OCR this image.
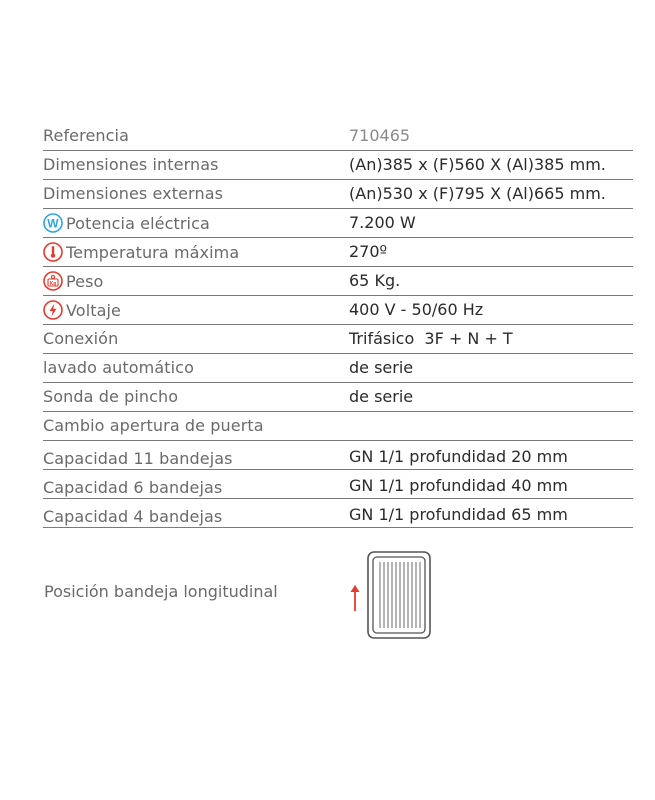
Referencia	710465
Dimensiones internas	(An)385 x (F)560 X (Al)385 mm.
Dimensiones externas	(An)530 x (F)795 X (Al)665 mm.
W Potencia eléctrica	7.200 W
Temperatura máxima	270º
Kg Peso	65 Kg.
Voltaje	400 V - 50/60 Hz
Conexión	Trifásico  3F + N + T
lavado automático	de serie
Sonda de pincho	de serie
Cambio apertura de puerta
Capacidad 11 bandejas	GN 1/1 profundidad 20 mm
Capacidad 6 bandejas	GN 1/1 profundidad 40 mm
Capacidad 4 bandejas	GN 1/1 profundidad 65 mm
Posición bandeja longitudinal
